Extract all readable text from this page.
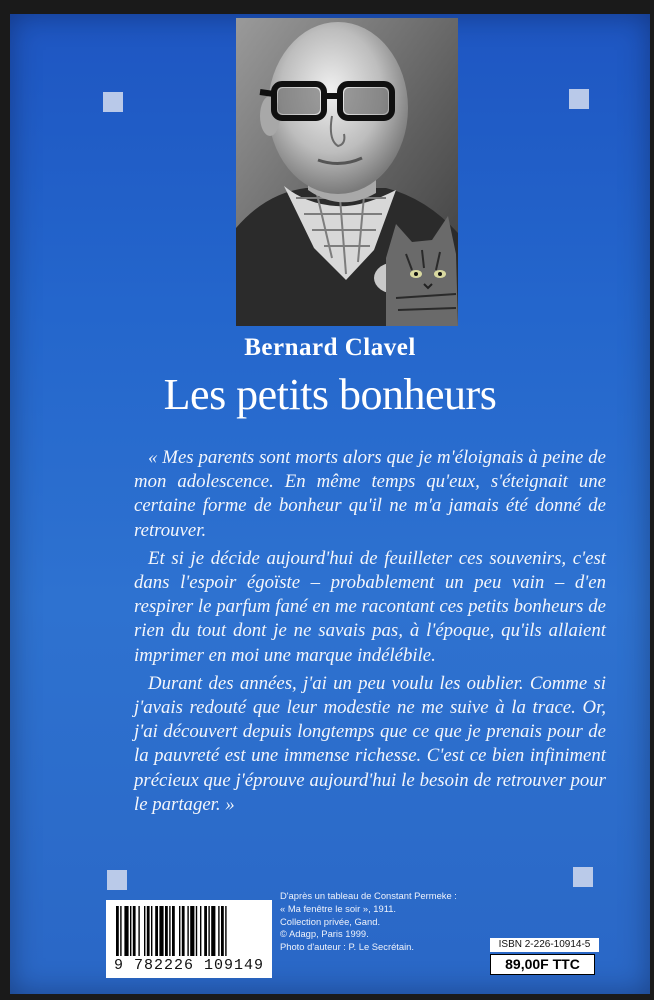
Bernard Clavel
Les petits bonheurs

« Mes parents sont morts alors que je m'éloignais à peine de mon adolescence. En même temps qu'eux, s'éteignait une certaine forme de bonheur qu'il ne m'a jamais été donné de retrouver.

Et si je décide aujourd'hui de feuilleter ces souvenirs, c'est dans l'espoir égoïste – probablement un peu vain – d'en respirer le parfum fané en me racontant ces petits bonheurs de rien du tout dont je ne savais pas, à l'époque, qu'ils allaient imprimer en moi une marque indélébile.

Durant des années, j'ai un peu voulu les oublier. Comme si j'avais redouté que leur modestie ne me suive à la trace. Or, j'ai découvert depuis longtemps que ce que je prenais pour de la pauvreté est une immense richesse. C'est ce bien infiniment précieux que j'éprouve aujourd'hui le besoin de retrouver pour le partager. »

9 782226 109149
D'après un tableau de Constant Permeke :
« Ma fenêtre le soir », 1911.
Collection privée, Gand.
© Adagp, Paris 1999.
Photo d'auteur : P. Le Secrétain.	ISBN 2-226-10914-5
89,00F TTC
